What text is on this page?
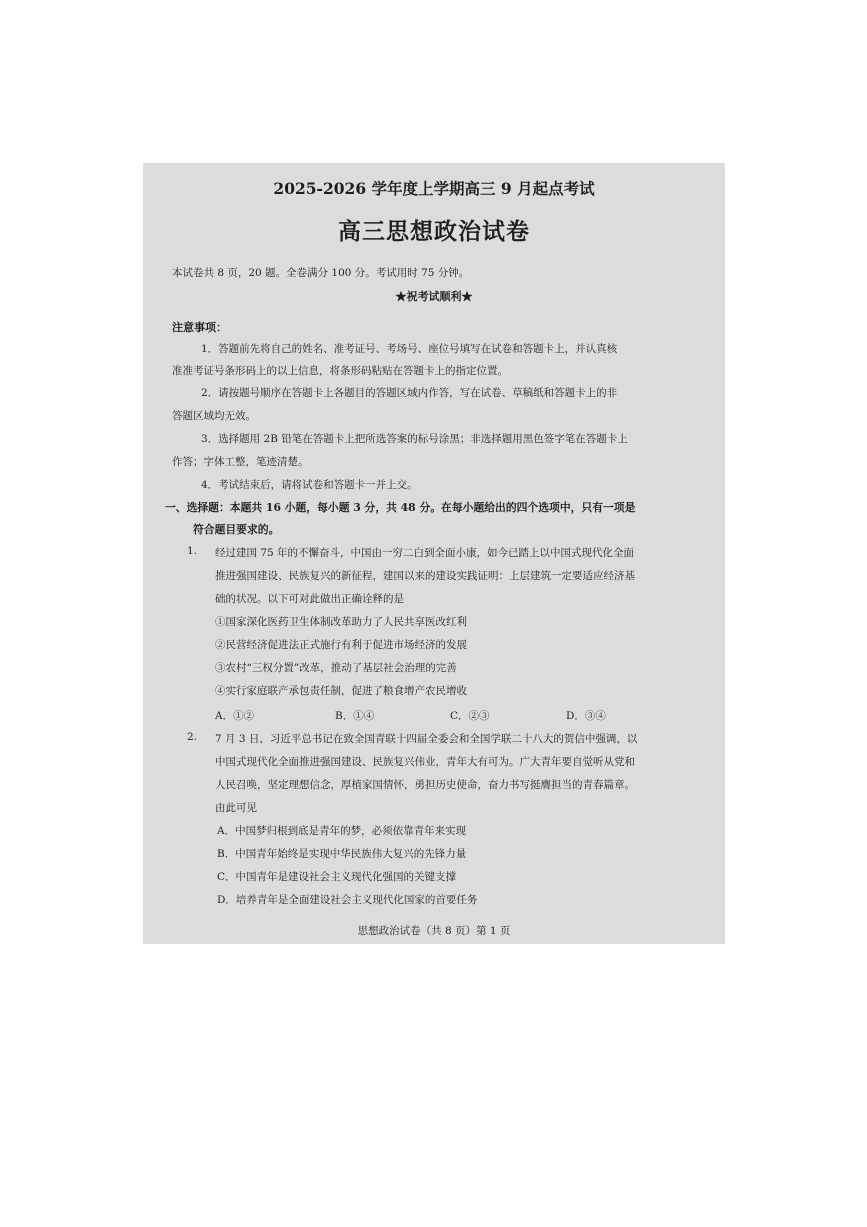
2025-2026 学年度上学期高三 9 月起点考试
高三思想政治试卷
本试卷共 8 页，20 题。全卷满分 100 分。考试用时 75 分钟。
★祝考试顺利★
注意事项：
1．答题前先将自己的姓名、准考证号、考场号、座位号填写在试卷和答题卡上，并认真核
准准考证号条形码上的以上信息，将条形码粘贴在答题卡上的指定位置。
2．请按题号顺序在答题卡上各题目的答题区域内作答，写在试卷、草稿纸和答题卡上的非
答题区域均无效。
3．选择题用 2B 铅笔在答题卡上把所选答案的标号涂黑；非选择题用黑色签字笔在答题卡上
作答；字体工整，笔迹清楚。
4．考试结束后，请将试卷和答题卡一并上交。
一、选择题：本题共 16 小题，每小题 3 分，共 48 分。在每小题给出的四个选项中，只有一项是
符合题目要求的。
1. 经过建国 75 年的不懈奋斗，中国由一穷二白到全面小康，如今已踏上以中国式现代化全面
推进强国建设、民族复兴的新征程，建国以来的建设实践证明：上层建筑一定要适应经济基
础的状况。以下可对此做出正确诠释的是
①国家深化医药卫生体制改革助力了人民共享医改红利
②民营经济促进法正式施行有利于促进市场经济的发展
③农村“三权分置”改革，推动了基层社会治理的完善
④实行家庭联产承包责任制，促进了粮食增产农民增收
A．①②	B．①④	C．②③	D．③④
2. 7 月 3 日，习近平总书记在致全国青联十四届全委会和全国学联二十八大的贺信中强调，以
中国式现代化全面推进强国建设、民族复兴伟业，青年大有可为。广大青年要自觉听从党和
人民召唤，坚定理想信念，厚植家国情怀，勇担历史使命，奋力书写挺膺担当的青春篇章。
由此可见
A．中国梦归根到底是青年的梦，必须依靠青年来实现
B．中国青年始终是实现中华民族伟大复兴的先锋力量
C．中国青年是建设社会主义现代化强国的关键支撑
D．培养青年是全面建设社会主义现代化国家的首要任务
思想政治试卷（共 8 页）第 1 页
